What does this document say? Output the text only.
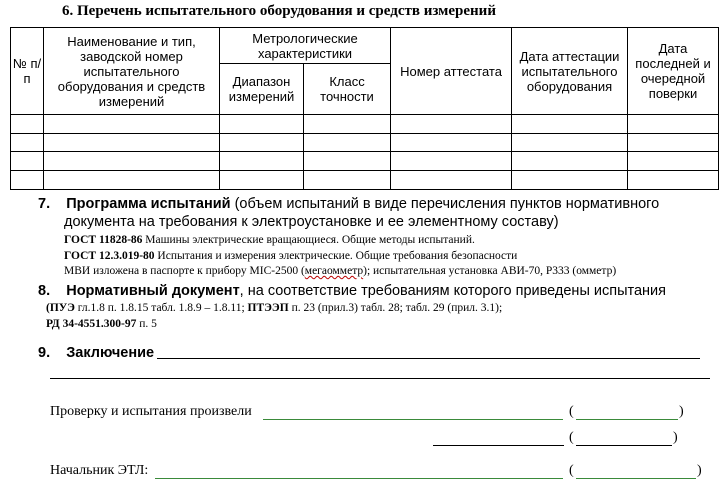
6. Перечень испытательного оборудования и средств измерений
№ п/п	Наименование и тип, заводской номер испытательного оборудования и средств измерений	Метрологические характеристики		Номер аттестата	Дата аттестации испытательного оборудования	Дата последней и очередной поверки
		Диапазон измерений	Класс точности			

7. Программа испытаний (объем испытаний в виде перечисления пунктов нормативного
документа на требования к электроустановке и ее элементному составу)
ГОСТ 11828-86 Машины электрические вращающиеся. Общие методы испытаний.
ГОСТ 12.3.019-80 Испытания и измерения электрические. Общие требования безопасности
МВИ изложена в паспорте к прибору MIC-2500 (мегаомметр); испытательная установка АВИ-70, Р333 (омметр)
8. Нормативный документ, на соответствие требованиям которого приведены испытания
(ПУЭ гл.1.8 п. 1.8.15 табл. 1.8.9 – 1.8.11; ПТЭЭП п. 23 (прил.3) табл. 28; табл. 29 (прил. 3.1);
РД 34-4551.300-97 п. 5
9. Заключение
Проверку и испытания произвели	(	)
(	)
Начальник ЭТЛ:	(	)
